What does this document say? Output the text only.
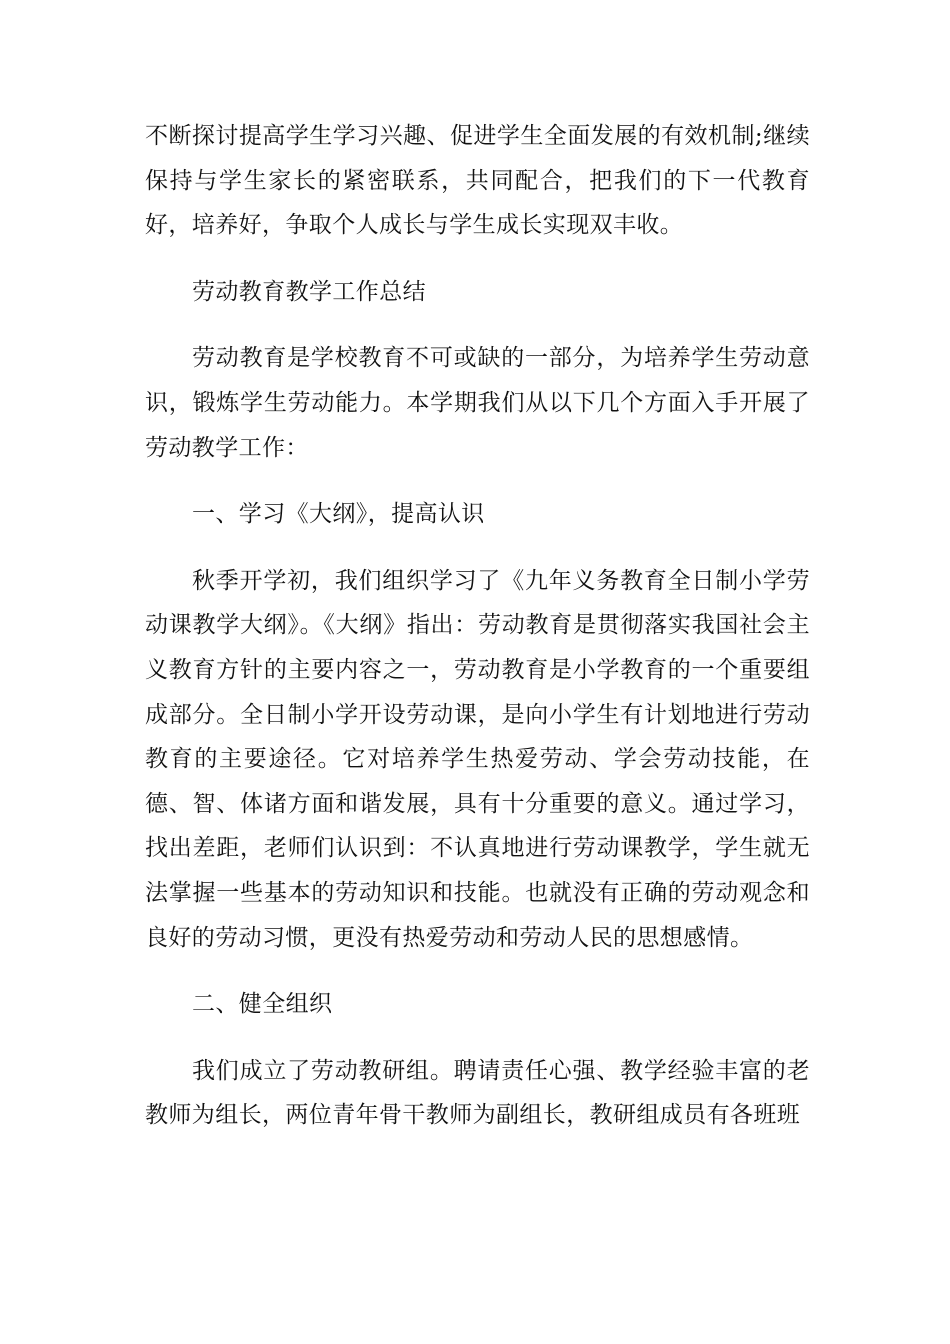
不断探讨提高学生学习兴趣、促进学生全面发展的有效机制;继续保持与学生家长的紧密联系，共同配合，把我们的下一代教育好，培养好，争取个人成长与学生成长实现双丰收。

劳动教育教学工作总结

劳动教育是学校教育不可或缺的一部分，为培养学生劳动意识，锻炼学生劳动能力。本学期我们从以下几个方面入手开展了劳动教学工作：

一、学习《大纲》，提高认识

秋季开学初，我们组织学习了《九年义务教育全日制小学劳动课教学大纲》。《大纲》指出：劳动教育是贯彻落实我国社会主义教育方针的主要内容之一，劳动教育是小学教育的一个重要组成部分。全日制小学开设劳动课，是向小学生有计划地进行劳动教育的主要途径。它对培养学生热爱劳动、学会劳动技能，在德、智、体诸方面和谐发展，具有十分重要的意义。通过学习，找出差距，老师们认识到：不认真地进行劳动课教学，学生就无法掌握一些基本的劳动知识和技能。也就没有正确的劳动观念和良好的劳动习惯，更没有热爱劳动和劳动人民的思想感情。

二、健全组织

我们成立了劳动教研组。聘请责任心强、教学经验丰富的老教师为组长，两位青年骨干教师为副组长，教研组成员有各班班
